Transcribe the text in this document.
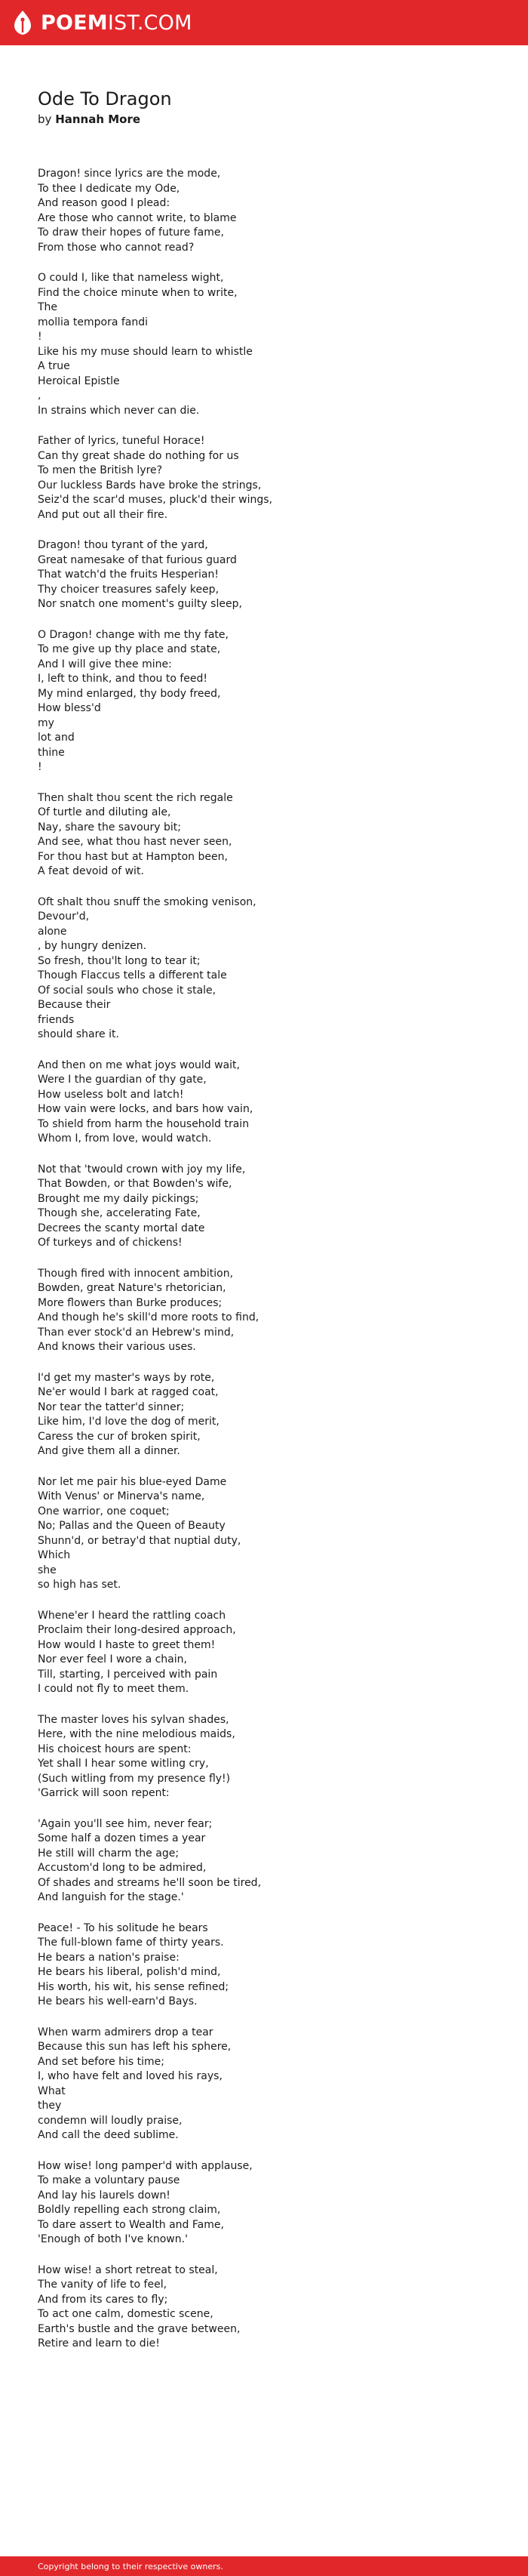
POEM IST.COM
Ode To Dragon

by Hannah More

Dragon! since lyrics are the mode,
To thee I dedicate my Ode,
And reason good I plead:
Are those who cannot write, to blame
To draw their hopes of future fame,
From those who cannot read?
O could I, like that nameless wight,
Find the choice minute when to write,
The
mollia tempora fandi
!
Like his my muse should learn to whistle
A true
Heroical Epistle
,
In strains which never can die.
Father of lyrics, tuneful Horace!
Can thy great shade do nothing for us
To men the British lyre?
Our luckless Bards have broke the strings,
Seiz'd the scar'd muses, pluck'd their wings,
And put out all their fire.
Dragon! thou tyrant of the yard,
Great namesake of that furious guard
That watch'd the fruits Hesperian!
Thy choicer treasures safely keep,
Nor snatch one moment's guilty sleep,
O Dragon! change with me thy fate,
To me give up thy place and state,
And I will give thee mine:
I, left to think, and thou to feed!
My mind enlarged, thy body freed,
How bless'd
my
lot and
thine
!
Then shalt thou scent the rich regale
Of turtle and diluting ale,
Nay, share the savoury bit;
And see, what thou hast never seen,
For thou hast but at Hampton been,
A feat devoid of wit.
Oft shalt thou snuff the smoking venison,
Devour'd,
alone
, by hungry denizen.
So fresh, thou'lt long to tear it;
Though Flaccus tells a different tale
Of social souls who chose it stale,
Because their
friends
should share it.
And then on me what joys would wait,
Were I the guardian of thy gate,
How useless bolt and latch!
How vain were locks, and bars how vain,
To shield from harm the household train
Whom I, from love, would watch.
Not that 'twould crown with joy my life,
That Bowden, or that Bowden's wife,
Brought me my daily pickings;
Though she, accelerating Fate,
Decrees the scanty mortal date
Of turkeys and of chickens!
Though fired with innocent ambition,
Bowden, great Nature's rhetorician,
More flowers than Burke produces;
And though he's skill'd more roots to find,
Than ever stock'd an Hebrew's mind,
And knows their various uses.
I'd get my master's ways by rote,
Ne'er would I bark at ragged coat,
Nor tear the tatter'd sinner;
Like him, I'd love the dog of merit,
Caress the cur of broken spirit,
And give them all a dinner.
Nor let me pair his blue-eyed Dame
With Venus' or Minerva's name,
One warrior, one coquet;
No; Pallas and the Queen of Beauty
Shunn'd, or betray'd that nuptial duty,
Which
she
so high has set.
Whene'er I heard the rattling coach
Proclaim their long-desired approach,
How would I haste to greet them!
Nor ever feel I wore a chain,
Till, starting, I perceived with pain
I could not fly to meet them.
The master loves his sylvan shades,
Here, with the nine melodious maids,
His choicest hours are spent:
Yet shall I hear some witling cry,
(Such witling from my presence fly!)
'Garrick will soon repent:
'Again you'll see him, never fear;
Some half a dozen times a year
He still will charm the age;
Accustom'd long to be admired,
Of shades and streams he'll soon be tired,
And languish for the stage.'
Peace! - To his solitude he bears
The full-blown fame of thirty years.
He bears a nation's praise:
He bears his liberal, polish'd mind,
His worth, his wit, his sense refined;
He bears his well-earn'd Bays.
When warm admirers drop a tear
Because this sun has left his sphere,
And set before his time;
I, who have felt and loved his rays,
What
they
condemn will loudly praise,
And call the deed sublime.
How wise! long pamper'd with applause,
To make a voluntary pause
And lay his laurels down!
Boldly repelling each strong claim,
To dare assert to Wealth and Fame,
'Enough of both I've known.'
How wise! a short retreat to steal,
The vanity of life to feel,
And from its cares to fly;
To act one calm, domestic scene,
Earth's bustle and the grave between,
Retire and learn to die!
Copyright belong to their respective owners.
